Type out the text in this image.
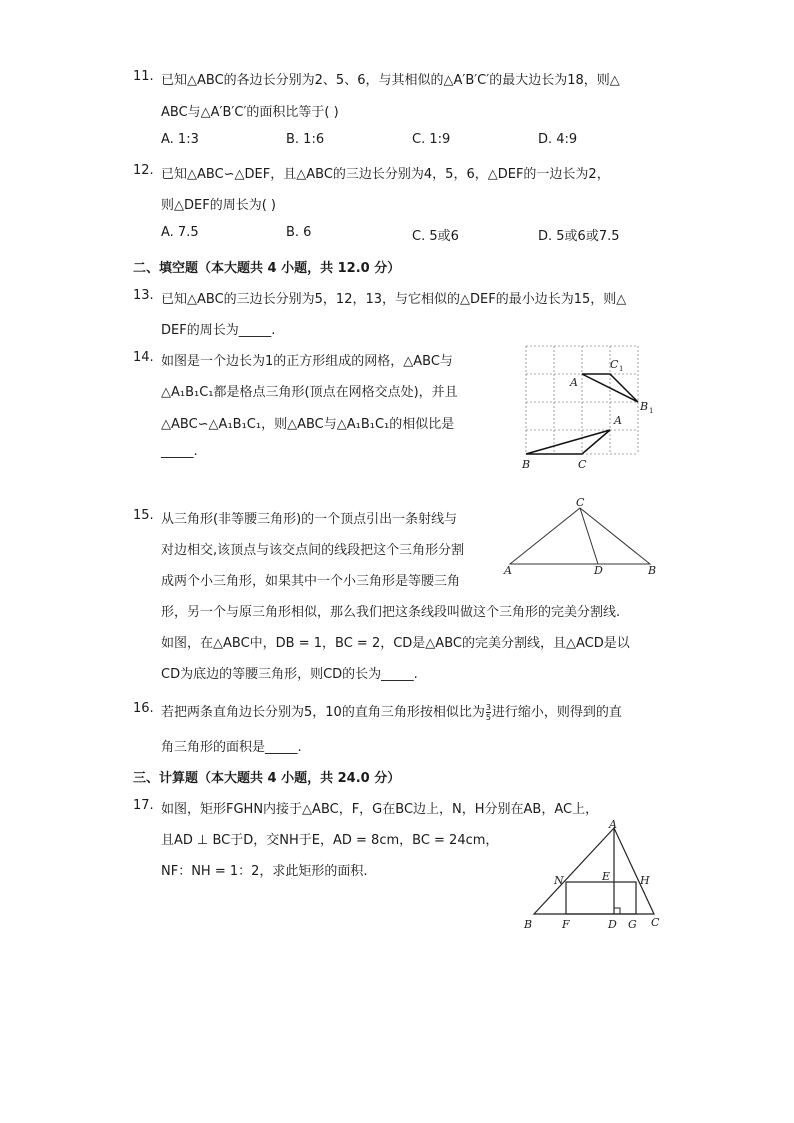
11. 已知△ABC的各边长分别为2、5、6，与其相似的△A′B′C′的最大边长为18，则△
ABC与△A′B′C′的面积比等于( )
A. 1:3	B. 1:6	C. 1:9	D. 4:9
12. 已知△ABC∽△DEF，且△ABC的三边长分别为4，5，6，△DEF的一边长为2，
则△DEF的周长为( )
A. 7.5	B. 6	C. 5或6	D. 5或6或7.5
二、填空题（本大题共 4 小题，共 12.0 分）
13. 已知△ABC的三边长分别为5，12，13，与它相似的△DEF的最小边长为15，则△
DEF的周长为_____.
14. 如图是一个边长为1的正方形组成的网格，△ABC与
△A₁B₁C₁都是格点三角形(顶点在网格交点处)，并且
△ABC∽△A₁B₁C₁，则△ABC与△A₁B₁C₁的相似比是
_____.
A
C 1
B 1
A
B	C
15. 从三角形(非等腰三角形)的一个顶点引出一条射线与
对边相交,该顶点与该交点间的线段把这个三角形分割
成两个小三角形，如果其中一个小三角形是等腰三角
形，另一个与原三角形相似，那么我们把这条线段叫做这个三角形的完美分割线.
如图，在△ABC中，DB = 1，BC = 2，CD是△ABC的完美分割线，且△ACD是以
CD为底边的等腰三角形，则CD的长为_____.
C
A	D	B
16. 若把两条直角边长分别为5，10的直角三角形按相似比为 $\frac{3}{5}$ 进行缩小，则得到的直
角三角形的面积是_____.
三、计算题（本大题共 4 小题，共 24.0 分）
17. 如图，矩形FGHN内接于△ABC，F，G在BC边上，N，H分别在AB，AC上，
且AD ⊥ BC于D，交NH于E，AD = 8cm，BC = 24cm，
NF：NH = 1：2，求此矩形的面积.
A
N	E	H
B	F	D G C
